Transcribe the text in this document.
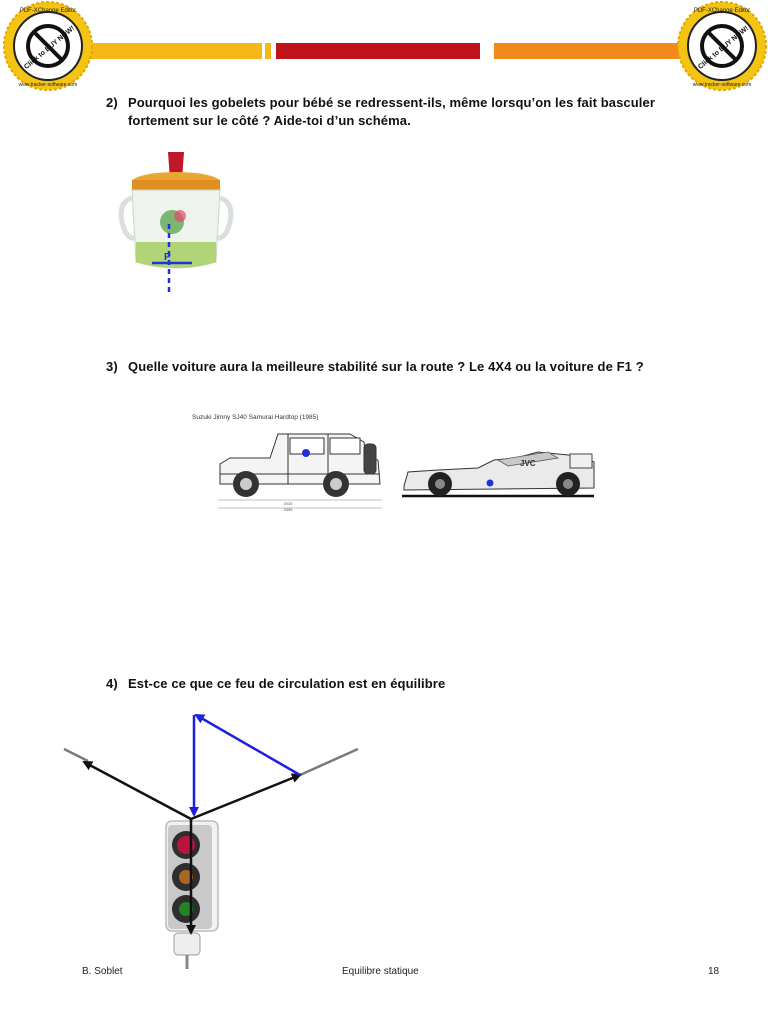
Click to BUY NOW!
PDF-XChange Editor
www.tracker-software.com
Click to BUY NOW!
PDF-XChange Editor
www.tracker-software.com
2) Pourquoi les gobelets pour bébé se redressent-ils, même lorsqu’on les fait basculer
fortement sur le côté ? Aide-toi d’un schéma.
P
3) Quelle voiture aura la meilleure stabilité sur la route ? Le 4X4 ou la voiture de F1 ?
Suzuki Jimny SJ40 Samurai Hardtop (1985)
2030
3395
JVC
4) Est-ce ce que ce feu de circulation est en équilibre
B. Soblet	Equilibre statique	18
